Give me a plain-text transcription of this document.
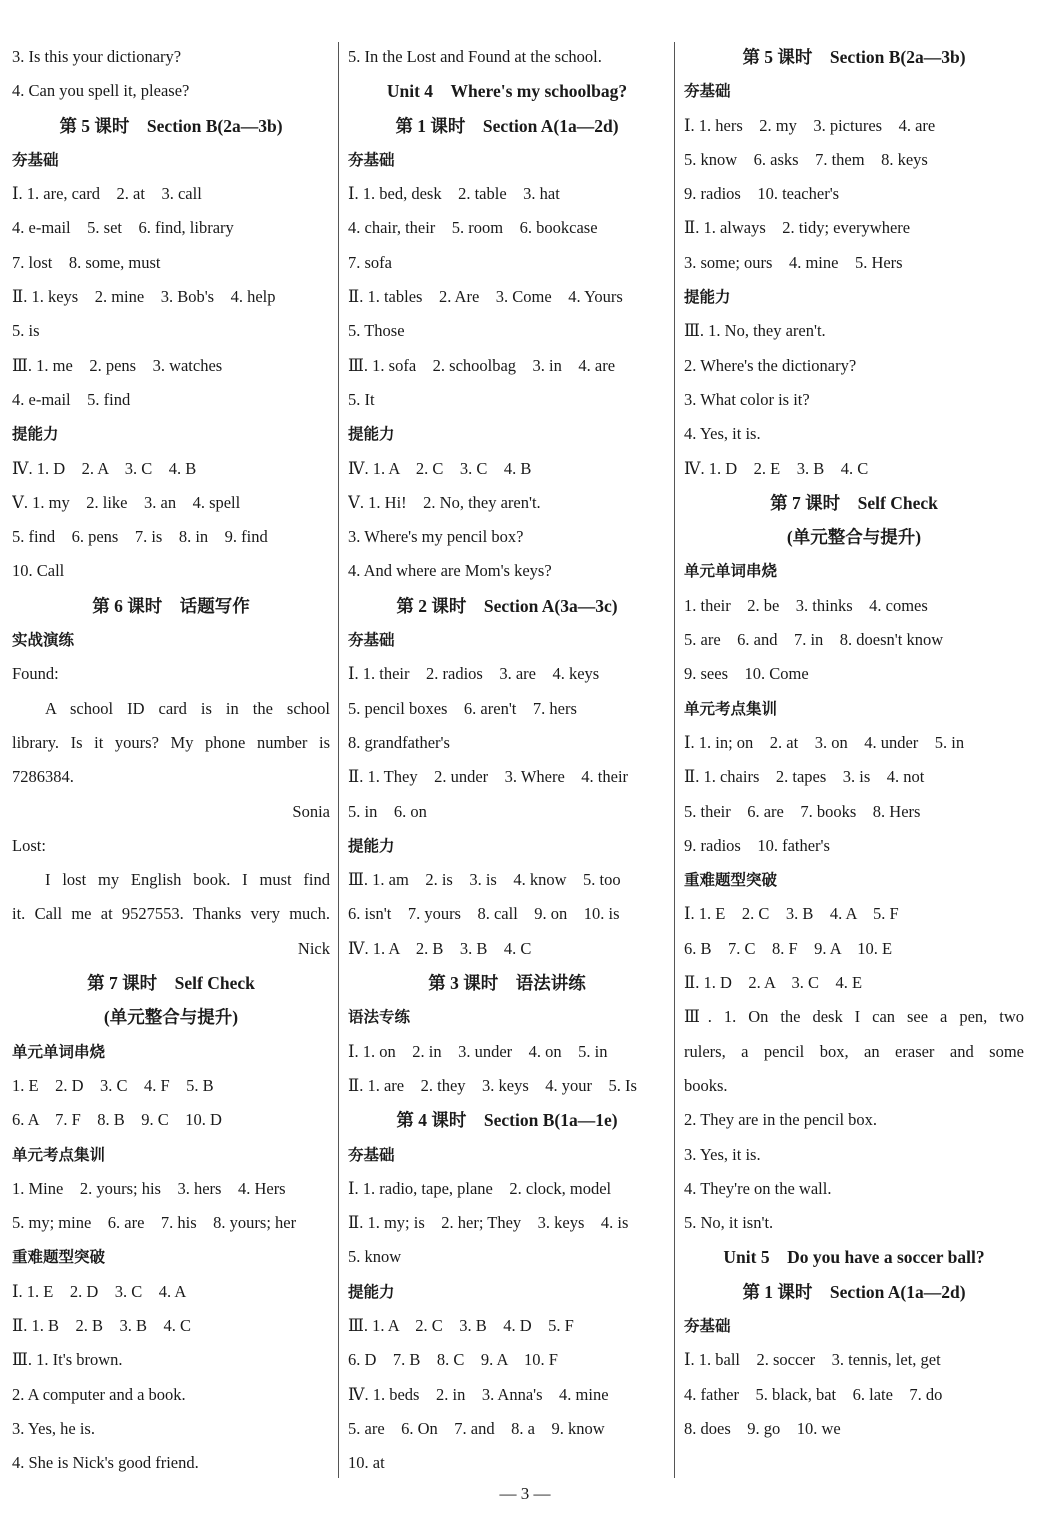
3. Is this your dictionary?
4. Can you spell it, please?
第 5 课时　Section B(2a—3b)
夯基础
Ⅰ. 1. are, card　2. at　3. call
4. e-mail　5. set　6. find, library
7. lost　8. some, must
Ⅱ. 1. keys　2. mine　3. Bob's　4. help
5. is
Ⅲ. 1. me　2. pens　3. watches
4. e-mail　5. find
提能力
Ⅳ. 1. D　2. A　3. C　4. B
Ⅴ. 1. my　2. like　3. an　4. spell
5. find　6. pens　7. is　8. in　9. find
10. Call
第 6 课时　话题写作
实战演练
Found:
A school ID card is in the school
library. Is it yours? My phone number is
7286384.
Sonia
Lost:
I lost my English book. I must find
it. Call me at 9527553. Thanks very much.
Nick
第 7 课时　Self Check
(单元整合与提升)
单元单词串烧
1. E　2. D　3. C　4. F　5. B
6. A　7. F　8. B　9. C　10. D
单元考点集训
1. Mine　2. yours; his　3. hers　4. Hers
5. my; mine　6. are　7. his　8. yours; her
重难题型突破
Ⅰ. 1. E　2. D　3. C　4. A
Ⅱ. 1. B　2. B　3. B　4. C
Ⅲ. 1. It's brown.
2. A computer and a book.
3. Yes, he is.
4. She is Nick's good friend.
5. In the Lost and Found at the school.
Unit 4　Where's my schoolbag?
第 1 课时　Section A(1a—2d)
夯基础
Ⅰ. 1. bed, desk　2. table　3. hat
4. chair, their　5. room　6. bookcase
7. sofa
Ⅱ. 1. tables　2. Are　3. Come　4. Yours
5. Those
Ⅲ. 1. sofa　2. schoolbag　3. in　4. are
5. It
提能力
Ⅳ. 1. A　2. C　3. C　4. B
Ⅴ. 1. Hi!　2. No, they aren't.
3. Where's my pencil box?
4. And where are Mom's keys?
第 2 课时　Section A(3a—3c)
夯基础
Ⅰ. 1. their　2. radios　3. are　4. keys
5. pencil boxes　6. aren't　7. hers
8. grandfather's
Ⅱ. 1. They　2. under　3. Where　4. their
5. in　6. on
提能力
Ⅲ. 1. am　2. is　3. is　4. know　5. too
6. isn't　7. yours　8. call　9. on　10. is
Ⅳ. 1. A　2. B　3. B　4. C
第 3 课时　语法讲练
语法专练
Ⅰ. 1. on　2. in　3. under　4. on　5. in
Ⅱ. 1. are　2. they　3. keys　4. your　5. Is
第 4 课时　Section B(1a—1e)
夯基础
Ⅰ. 1. radio, tape, plane　2. clock, model
Ⅱ. 1. my; is　2. her; They　3. keys　4. is
5. know
提能力
Ⅲ. 1. A　2. C　3. B　4. D　5. F
6. D　7. B　8. C　9. A　10. F
Ⅳ. 1. beds　2. in　3. Anna's　4. mine
5. are　6. On　7. and　8. a　9. know
10. at
第 5 课时　Section B(2a—3b)
夯基础
Ⅰ. 1. hers　2. my　3. pictures　4. are
5. know　6. asks　7. them　8. keys
9. radios　10. teacher's
Ⅱ. 1. always　2. tidy; everywhere
3. some; ours　4. mine　5. Hers
提能力
Ⅲ. 1. No, they aren't.
2. Where's the dictionary?
3. What color is it?
4. Yes, it is.
Ⅳ. 1. D　2. E　3. B　4. C
第 7 课时　Self Check
(单元整合与提升)
单元单词串烧
1. their　2. be　3. thinks　4. comes
5. are　6. and　7. in　8. doesn't know
9. sees　10. Come
单元考点集训
Ⅰ. 1. in; on　2. at　3. on　4. under　5. in
Ⅱ. 1. chairs　2. tapes　3. is　4. not
5. their　6. are　7. books　8. Hers
9. radios　10. father's
重难题型突破
Ⅰ. 1. E　2. C　3. B　4. A　5. F
6. B　7. C　8. F　9. A　10. E
Ⅱ. 1. D　2. A　3. C　4. E
Ⅲ. 1. On the desk I can see a pen, two
rulers, a pencil box, an eraser and some
books.
2. They are in the pencil box.
3. Yes, it is.
4. They're on the wall.
5. No, it isn't.
Unit 5　Do you have a soccer ball?
第 1 课时　Section A(1a—2d)
夯基础
Ⅰ. 1. ball　2. soccer　3. tennis, let, get
4. father　5. black, bat　6. late　7. do
8. does　9. go　10. we
— 3 —
